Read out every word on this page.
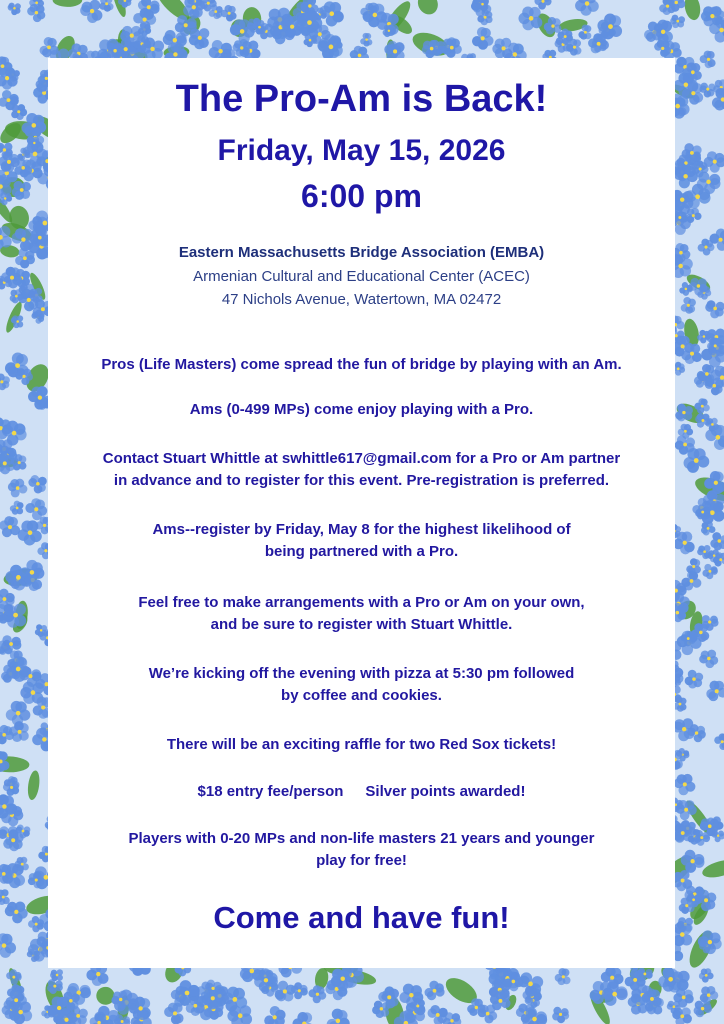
The Pro-Am is Back!
Friday, May 15, 2026
6:00 pm
Eastern Massachusetts Bridge Association (EMBA)
Armenian Cultural and Educational Center (ACEC)
47 Nichols Avenue, Watertown, MA 02472
Pros (Life Masters) come spread the fun of bridge by playing with an Am.
Ams (0-499 MPs) come enjoy playing with a Pro.
Contact Stuart Whittle at swhittle617@gmail.com for a Pro or Am partner
in advance and to register for this event. Pre-registration is preferred.
Ams--register by Friday, May 8 for the highest likelihood of
being partnered with a Pro.
Feel free to make arrangements with a Pro or Am on your own,
and be sure to register with Stuart Whittle.
We’re kicking off the evening with pizza at 5:30 pm followed
by coffee and cookies.
There will be an exciting raffle for two Red Sox tickets!
$18 entry fee/person Silver points awarded!
Players with 0-20 MPs and non-life masters 21 years and younger
play for free!
Come and have fun!
